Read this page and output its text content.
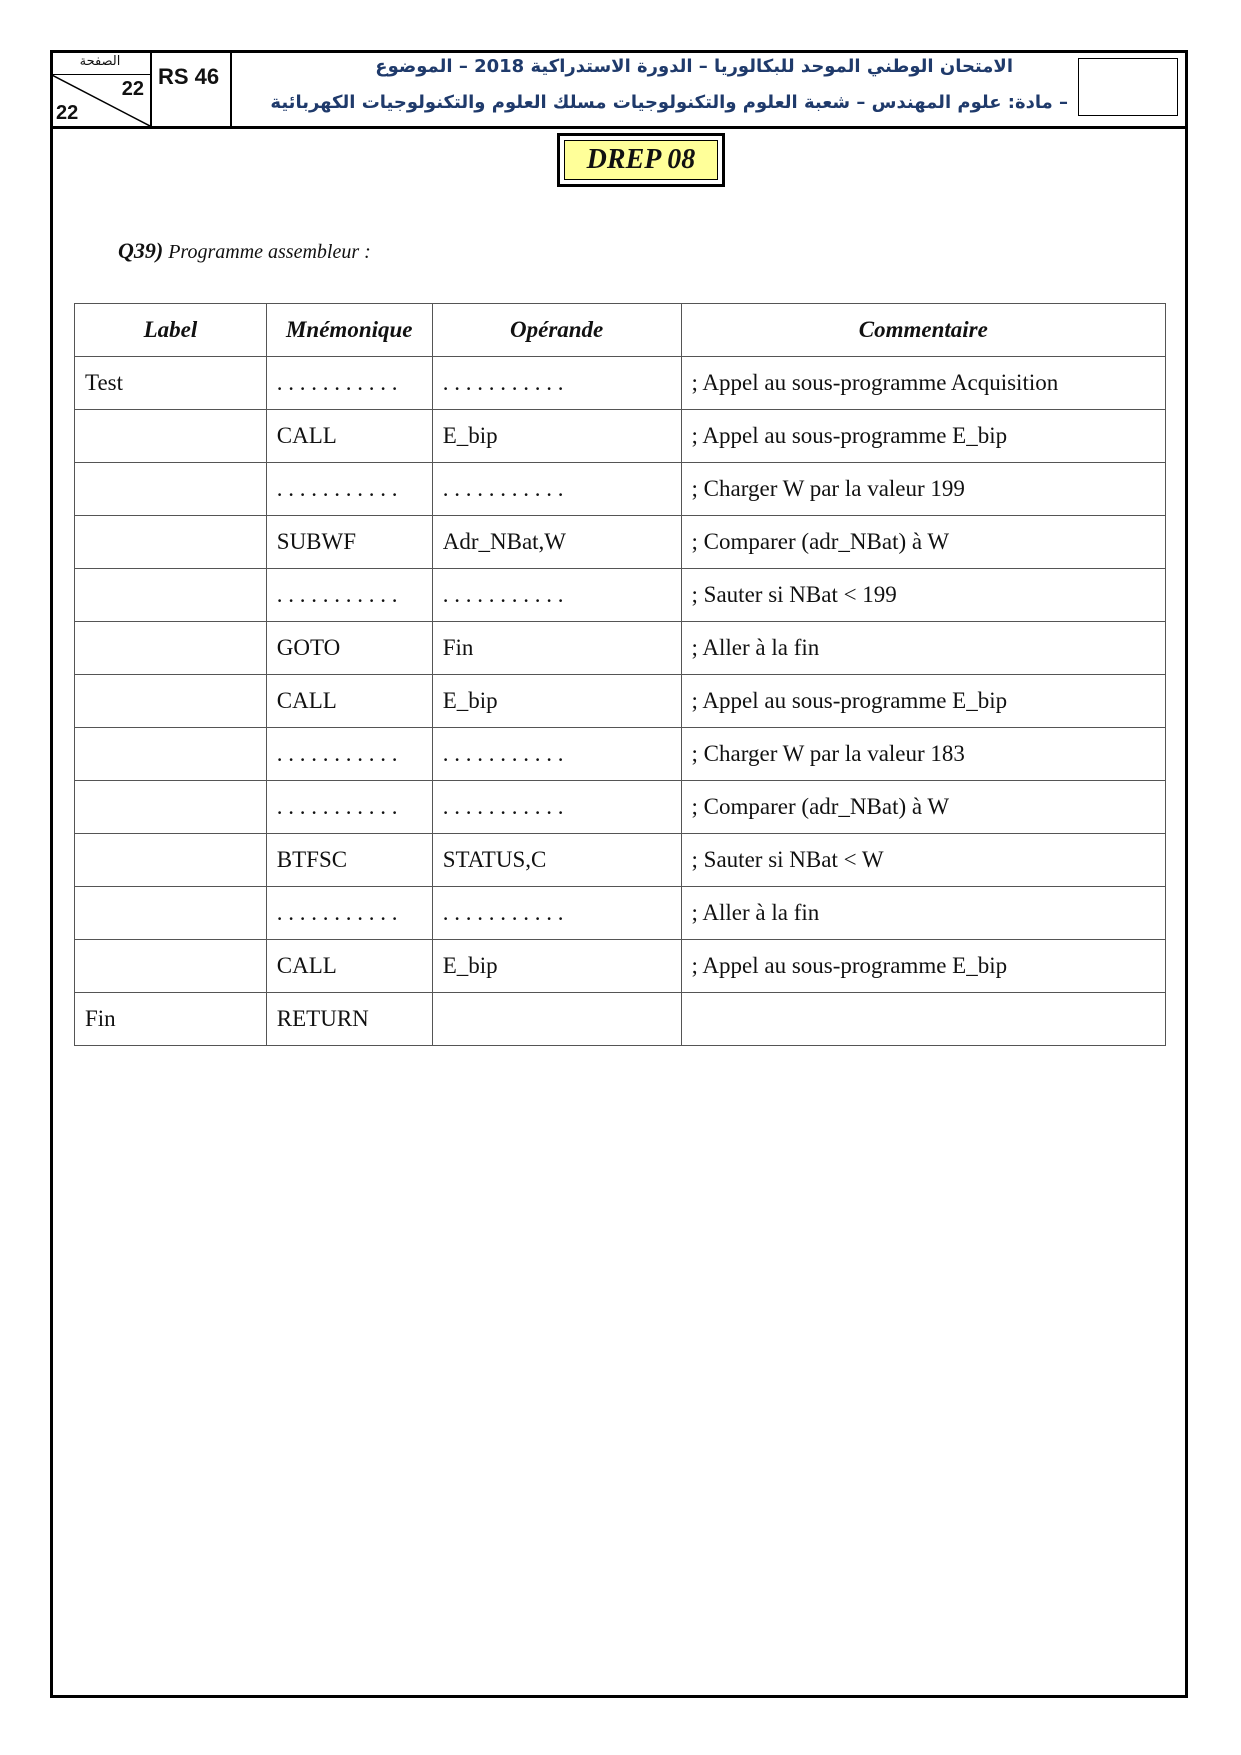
الصفحة
22
22
RS 46	الامتحان الوطني الموحد للبكالوريا – الدورة الاستدراكية 2018 – الموضوع
– مادة: علوم المهندس – شعبة العلوم والتكنولوجيات مسلك العلوم والتكنولوجيات الكهربائية
DREP 08
Q39) Programme assembleur :
Label	Mnémonique	Opérande	Commentaire
Test	. . . . . . . . . . .	. . . . . . . . . . .	; Appel au sous-programme Acquisition
	CALL	E_bip	; Appel au sous-programme E_bip
	. . . . . . . . . . .	. . . . . . . . . . .	; Charger W par la valeur 199
	SUBWF	Adr_NBat,W	; Comparer (adr_NBat) à W
	. . . . . . . . . . .	. . . . . . . . . . .	; Sauter si NBat < 199
	GOTO	Fin	; Aller à la fin
	CALL	E_bip	; Appel au sous-programme E_bip
	. . . . . . . . . . .	. . . . . . . . . . .	; Charger W par la valeur 183
	. . . . . . . . . . .	. . . . . . . . . . .	; Comparer (adr_NBat) à W
	BTFSC	STATUS,C	; Sauter si NBat < W
	. . . . . . . . . . .	. . . . . . . . . . .	; Aller à la fin
	CALL	E_bip	; Appel au sous-programme E_bip
Fin	RETURN		
